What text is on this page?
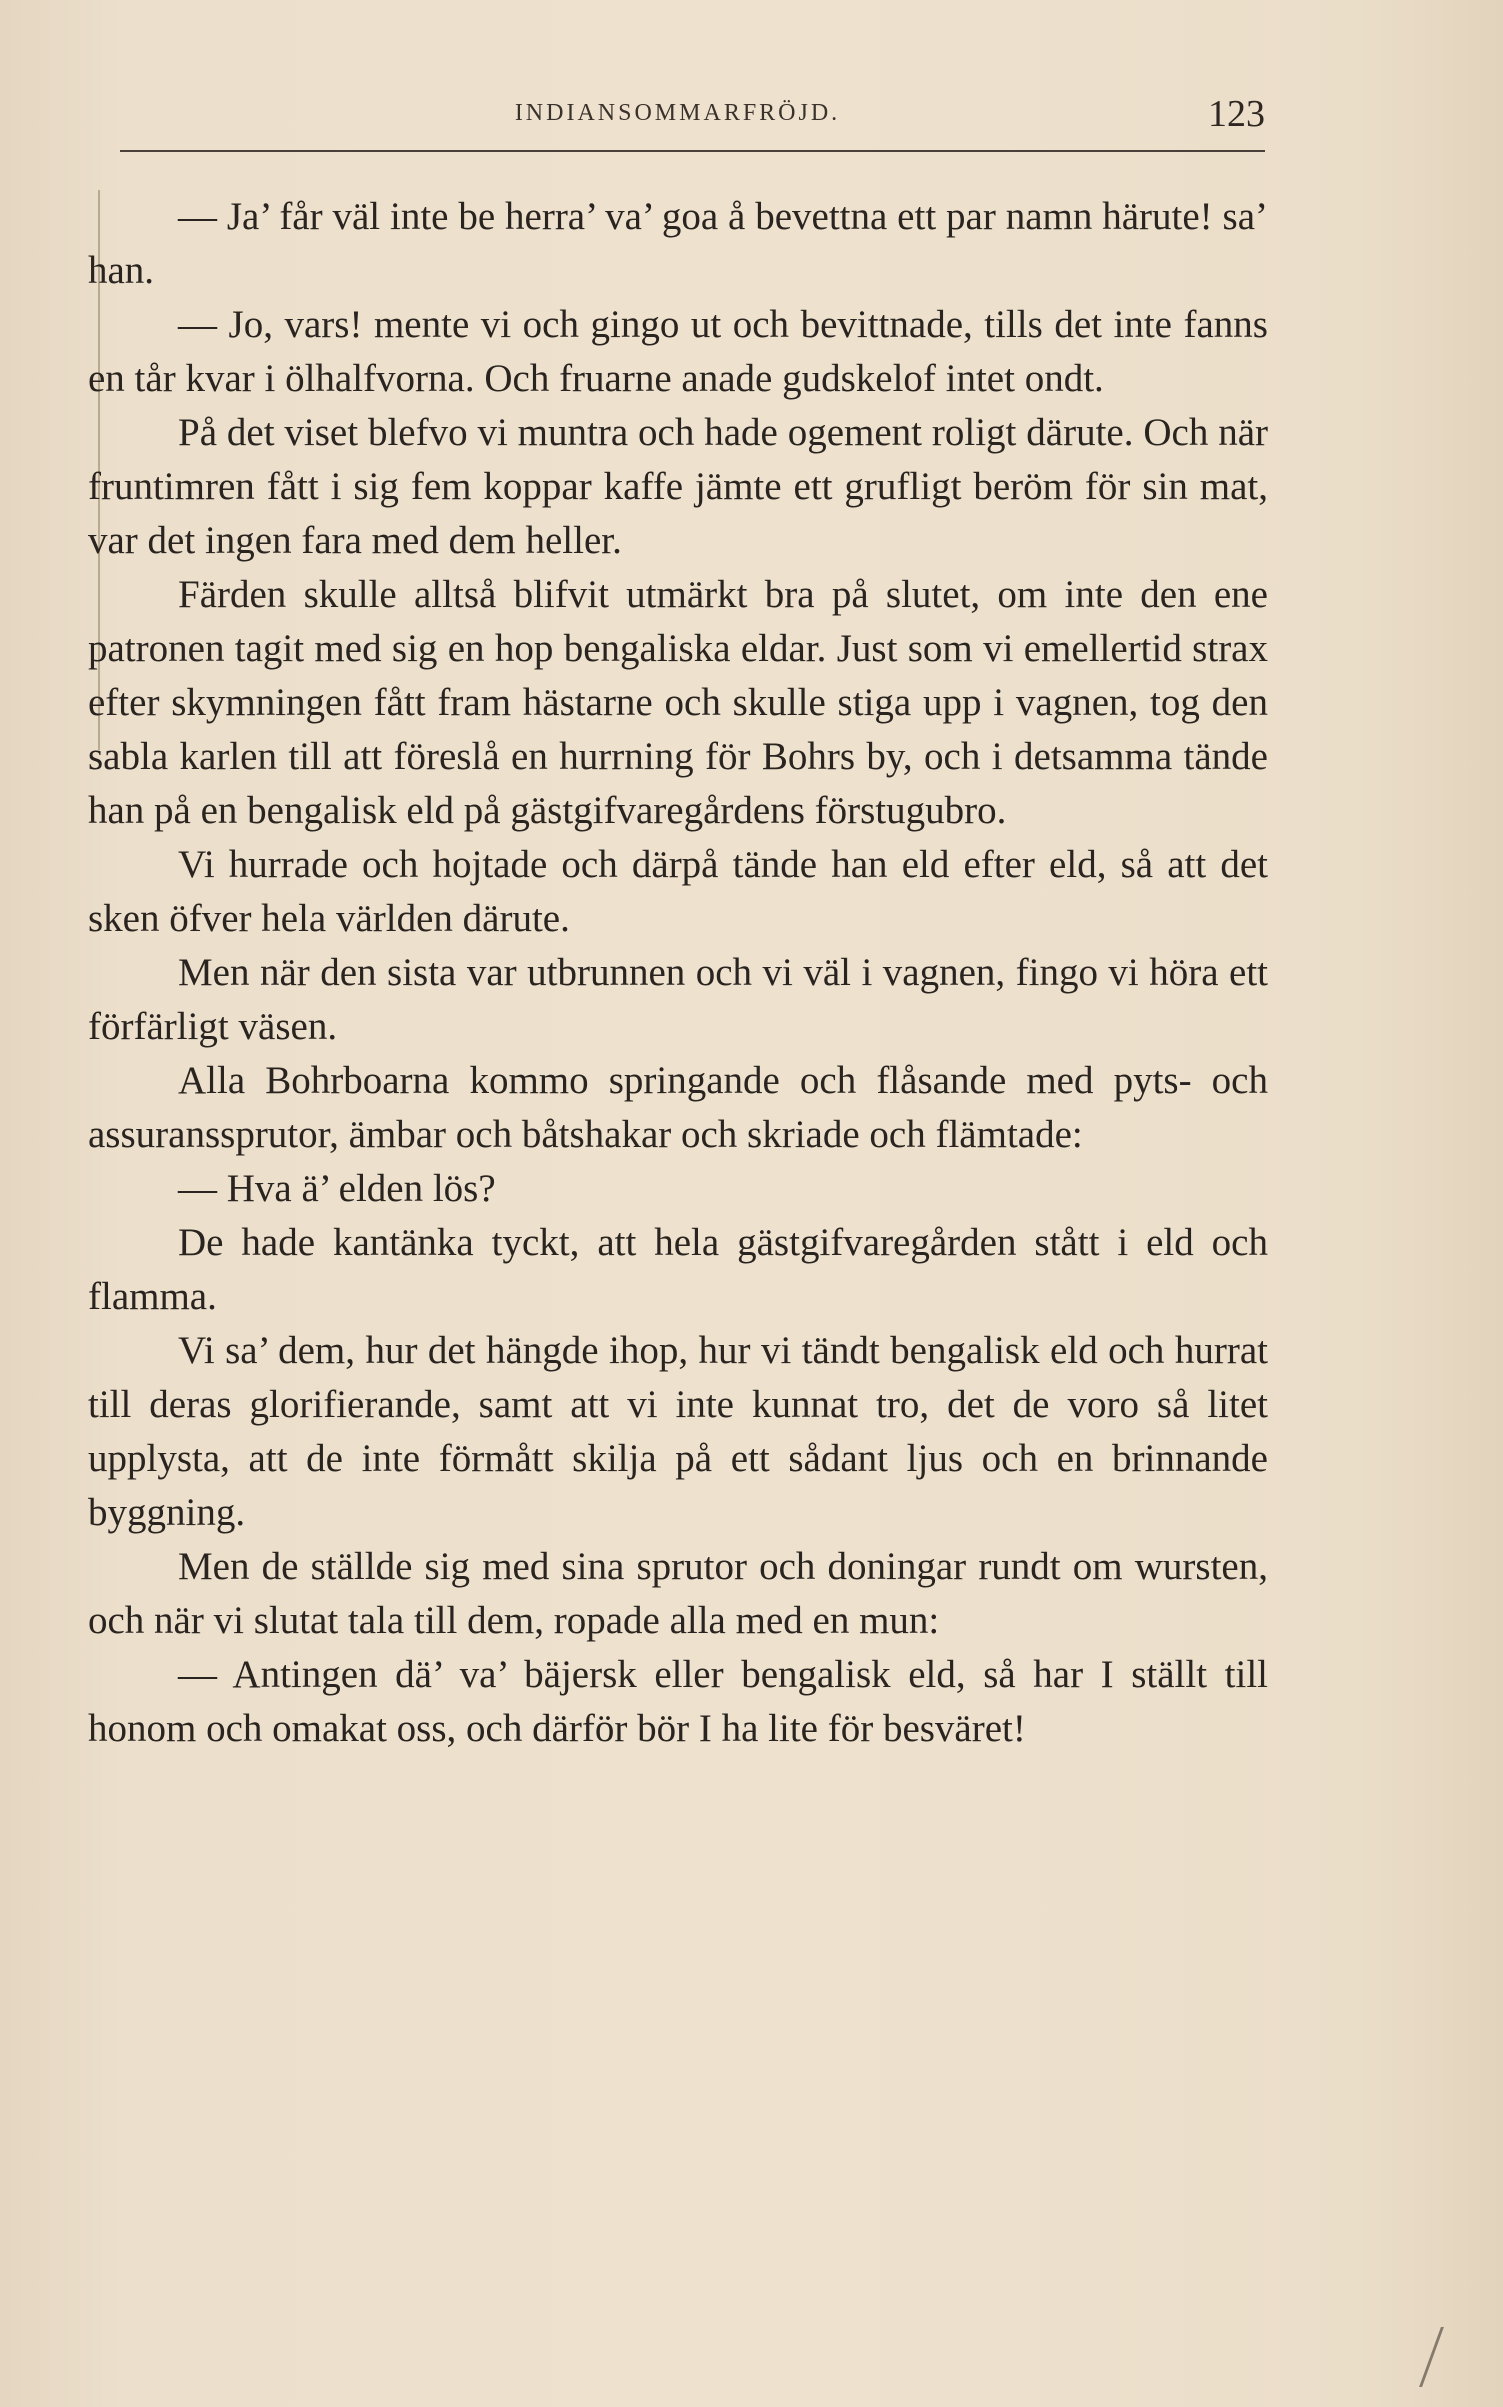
INDIANSOMMARFRÖJD.	123

— Ja’ får väl inte be herra’ va’ goa å bevettna ett par namn härute! sa’ han.

— Jo, vars! mente vi och gingo ut och bevittnade, tills det inte fanns en tår kvar i ölhalfvorna. Och fruarne anade gudskelof intet ondt.

På det viset blefvo vi muntra och hade ogement roligt därute. Och när fruntimren fått i sig fem koppar kaffe jämte ett grufligt beröm för sin mat, var det ingen fara med dem heller.

Färden skulle alltså blifvit utmärkt bra på slutet, om inte den ene patronen tagit med sig en hop bengaliska eldar. Just som vi emellertid strax efter skymningen fått fram hästarne och skulle stiga upp i vagnen, tog den sabla karlen till att föreslå en hurrning för Bohrs by, och i detsamma tände han på en bengalisk eld på gästgifvaregårdens förstugubro.

Vi hurrade och hojtade och därpå tände han eld efter eld, så att det sken öfver hela världen därute.

Men när den sista var utbrunnen och vi väl i vagnen, fingo vi höra ett förfärligt väsen.

Alla Bohrboarna kommo springande och flåsande med pyts- och assuranssprutor, ämbar och båtshakar och skriade och flämtade:

— Hva ä’ elden lös?

De hade kantänka tyckt, att hela gästgifvaregården stått i eld och flamma.

Vi sa’ dem, hur det hängde ihop, hur vi tändt bengalisk eld och hurrat till deras glorifierande, samt att vi inte kunnat tro, det de voro så litet upplysta, att de inte förmått skilja på ett sådant ljus och en brinnande byggning.

Men de ställde sig med sina sprutor och doningar rundt om wursten, och när vi slutat tala till dem, ropade alla med en mun:

— Antingen dä’ va’ bäjersk eller bengalisk eld, så har I ställt till honom och omakat oss, och därför bör I ha lite för besväret!
